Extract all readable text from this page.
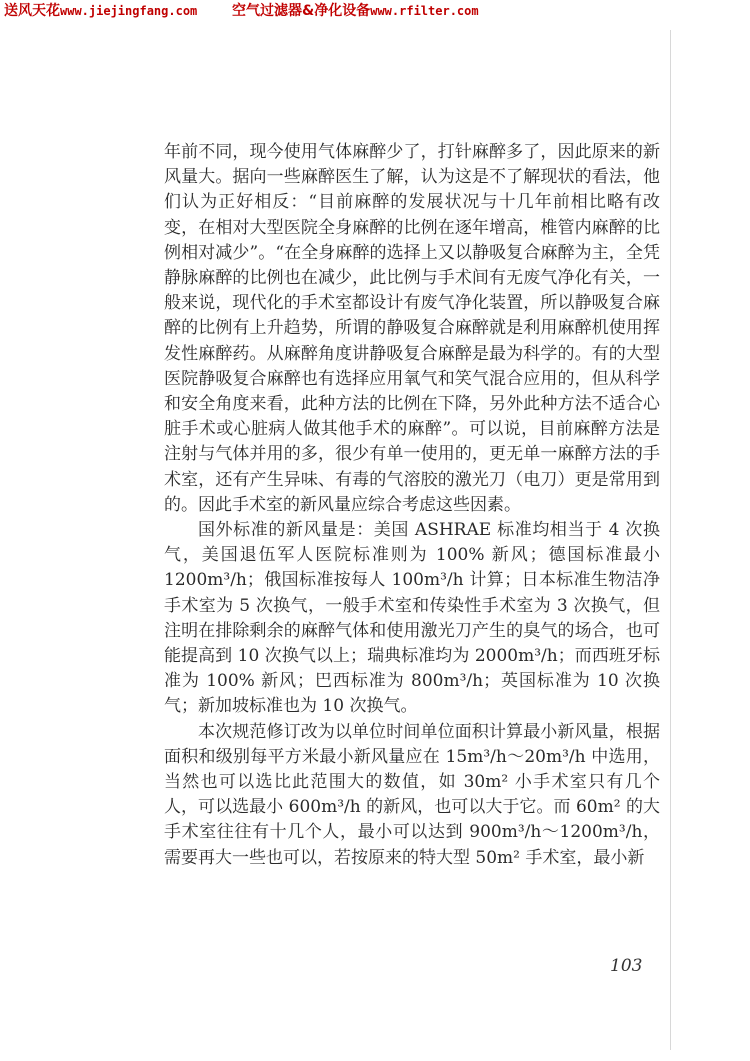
送风天花www.jiejingfang.com 空气过滤器&净化设备www.rfilter.com

年前不同，现今使用气体麻醉少了，打针麻醉多了，因此原来的新风量大。据向一些麻醉医生了解，认为这是不了解现状的看法，他们认为正好相反：“目前麻醉的发展状况与十几年前相比略有改变，在相对大型医院全身麻醉的比例在逐年增高，椎管内麻醉的比例相对减少”。“在全身麻醉的选择上又以静吸复合麻醉为主，全凭静脉麻醉的比例也在减少，此比例与手术间有无废气净化有关，一般来说，现代化的手术室都设计有废气净化装置，所以静吸复合麻醉的比例有上升趋势，所谓的静吸复合麻醉就是利用麻醉机使用挥发性麻醉药。从麻醉角度讲静吸复合麻醉是最为科学的。有的大型医院静吸复合麻醉也有选择应用氧气和笑气混合应用的，但从科学和安全角度来看，此种方法的比例在下降，另外此种方法不适合心脏手术或心脏病人做其他手术的麻醉”。可以说，目前麻醉方法是注射与气体并用的多，很少有单一使用的，更无单一麻醉方法的手术室，还有产生异味、有毒的气溶胶的激光刀（电刀）更是常用到的。因此手术室的新风量应综合考虑这些因素。

国外标准的新风量是：美国 ASHRAE 标准均相当于 4 次换气，美国退伍军人医院标准则为 100% 新风；德国标准最小 1200m³/h；俄国标准按每人 100m³/h 计算；日本标准生物洁净手术室为 5 次换气，一般手术室和传染性手术室为 3 次换气，但注明在排除剩余的麻醉气体和使用激光刀产生的臭气的场合，也可能提高到 10 次换气以上；瑞典标准均为 2000m³/h；而西班牙标准为 100% 新风；巴西标准为 800m³/h；英国标准为 10 次换气；新加坡标准也为 10 次换气。

本次规范修订改为以单位时间单位面积计算最小新风量，根据面积和级别每平方米最小新风量应在 15m³/h～20m³/h 中选用，当然也可以选比此范围大的数值，如 30m² 小手术室只有几个人，可以选最小 600m³/h 的新风，也可以大于它。而 60m² 的大手术室往往有十几个人，最小可以达到 900m³/h～1200m³/h，需要再大一些也可以，若按原来的特大型 50m² 手术室，最小新

103
